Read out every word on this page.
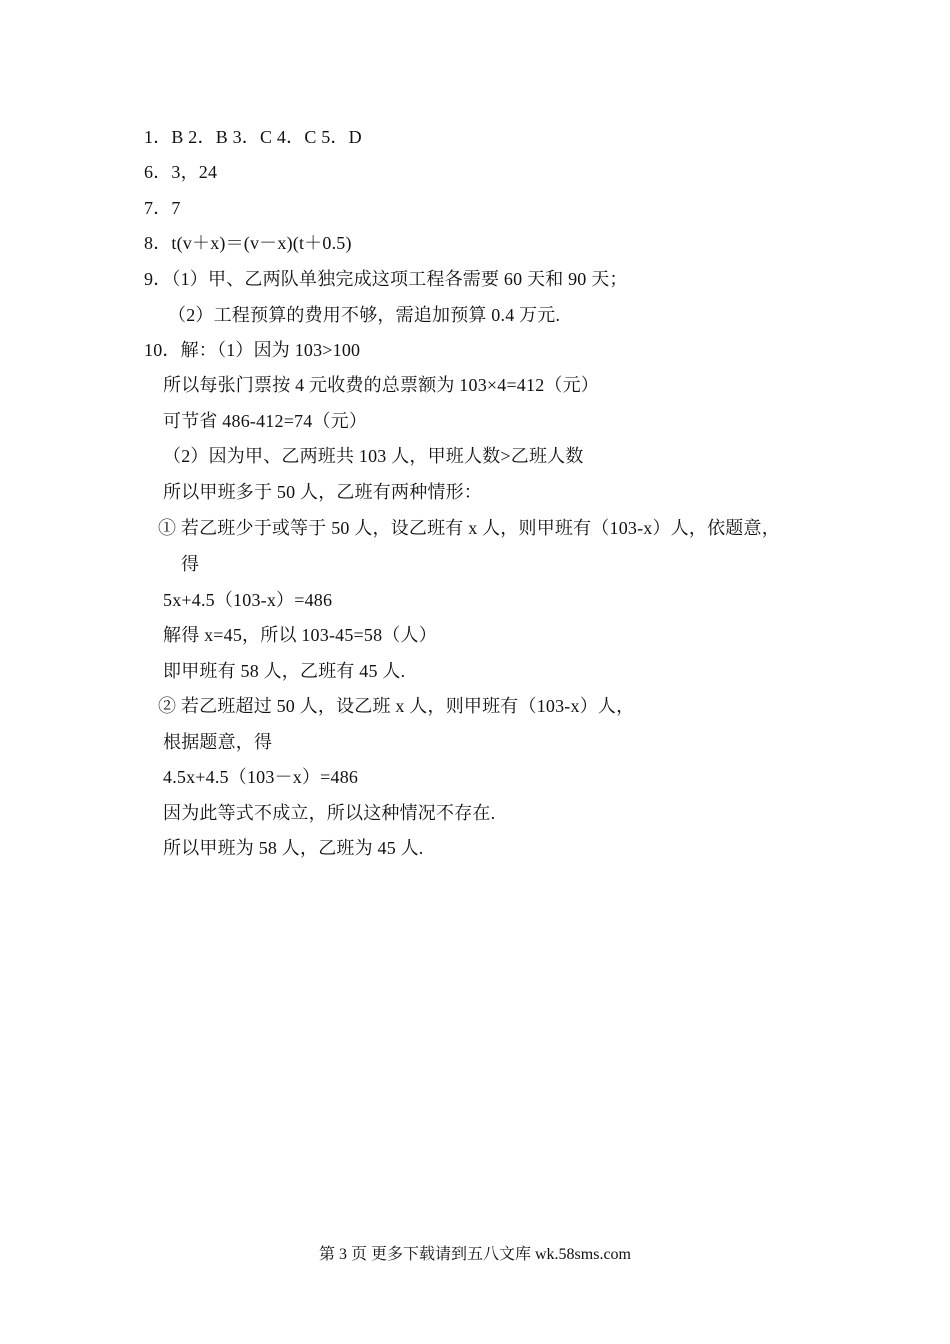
1．B 2．B 3．C 4．C 5．D
6．3，24
7．7
8．t(v＋x)＝(v－x)(t＋0.5)
9．（1）甲、乙两队单独完成这项工程各需要 60 天和 90 天；
（2）工程预算的费用不够，需追加预算 0.4 万元.
10．解：（1）因为 103>100
所以每张门票按 4 元收费的总票额为 103×4=412（元）
可节省 486-412=74（元）
（2）因为甲、乙两班共 103 人，甲班人数>乙班人数
所以甲班多于 50 人，乙班有两种情形：
① 若乙班少于或等于 50 人，设乙班有 x 人，则甲班有（103-x）人，依题意，
得
5x+4.5（103-x）=486
解得 x=45，所以 103-45=58（人）
即甲班有 58 人，乙班有 45 人.
② 若乙班超过 50 人，设乙班 x 人，则甲班有（103-x）人，
根据题意，得
4.5x+4.5（103－x）=486
因为此等式不成立，所以这种情况不存在.
所以甲班为 58 人，乙班为 45 人.
第 3 页 更多下载请到五八文库 wk.58sms.com
